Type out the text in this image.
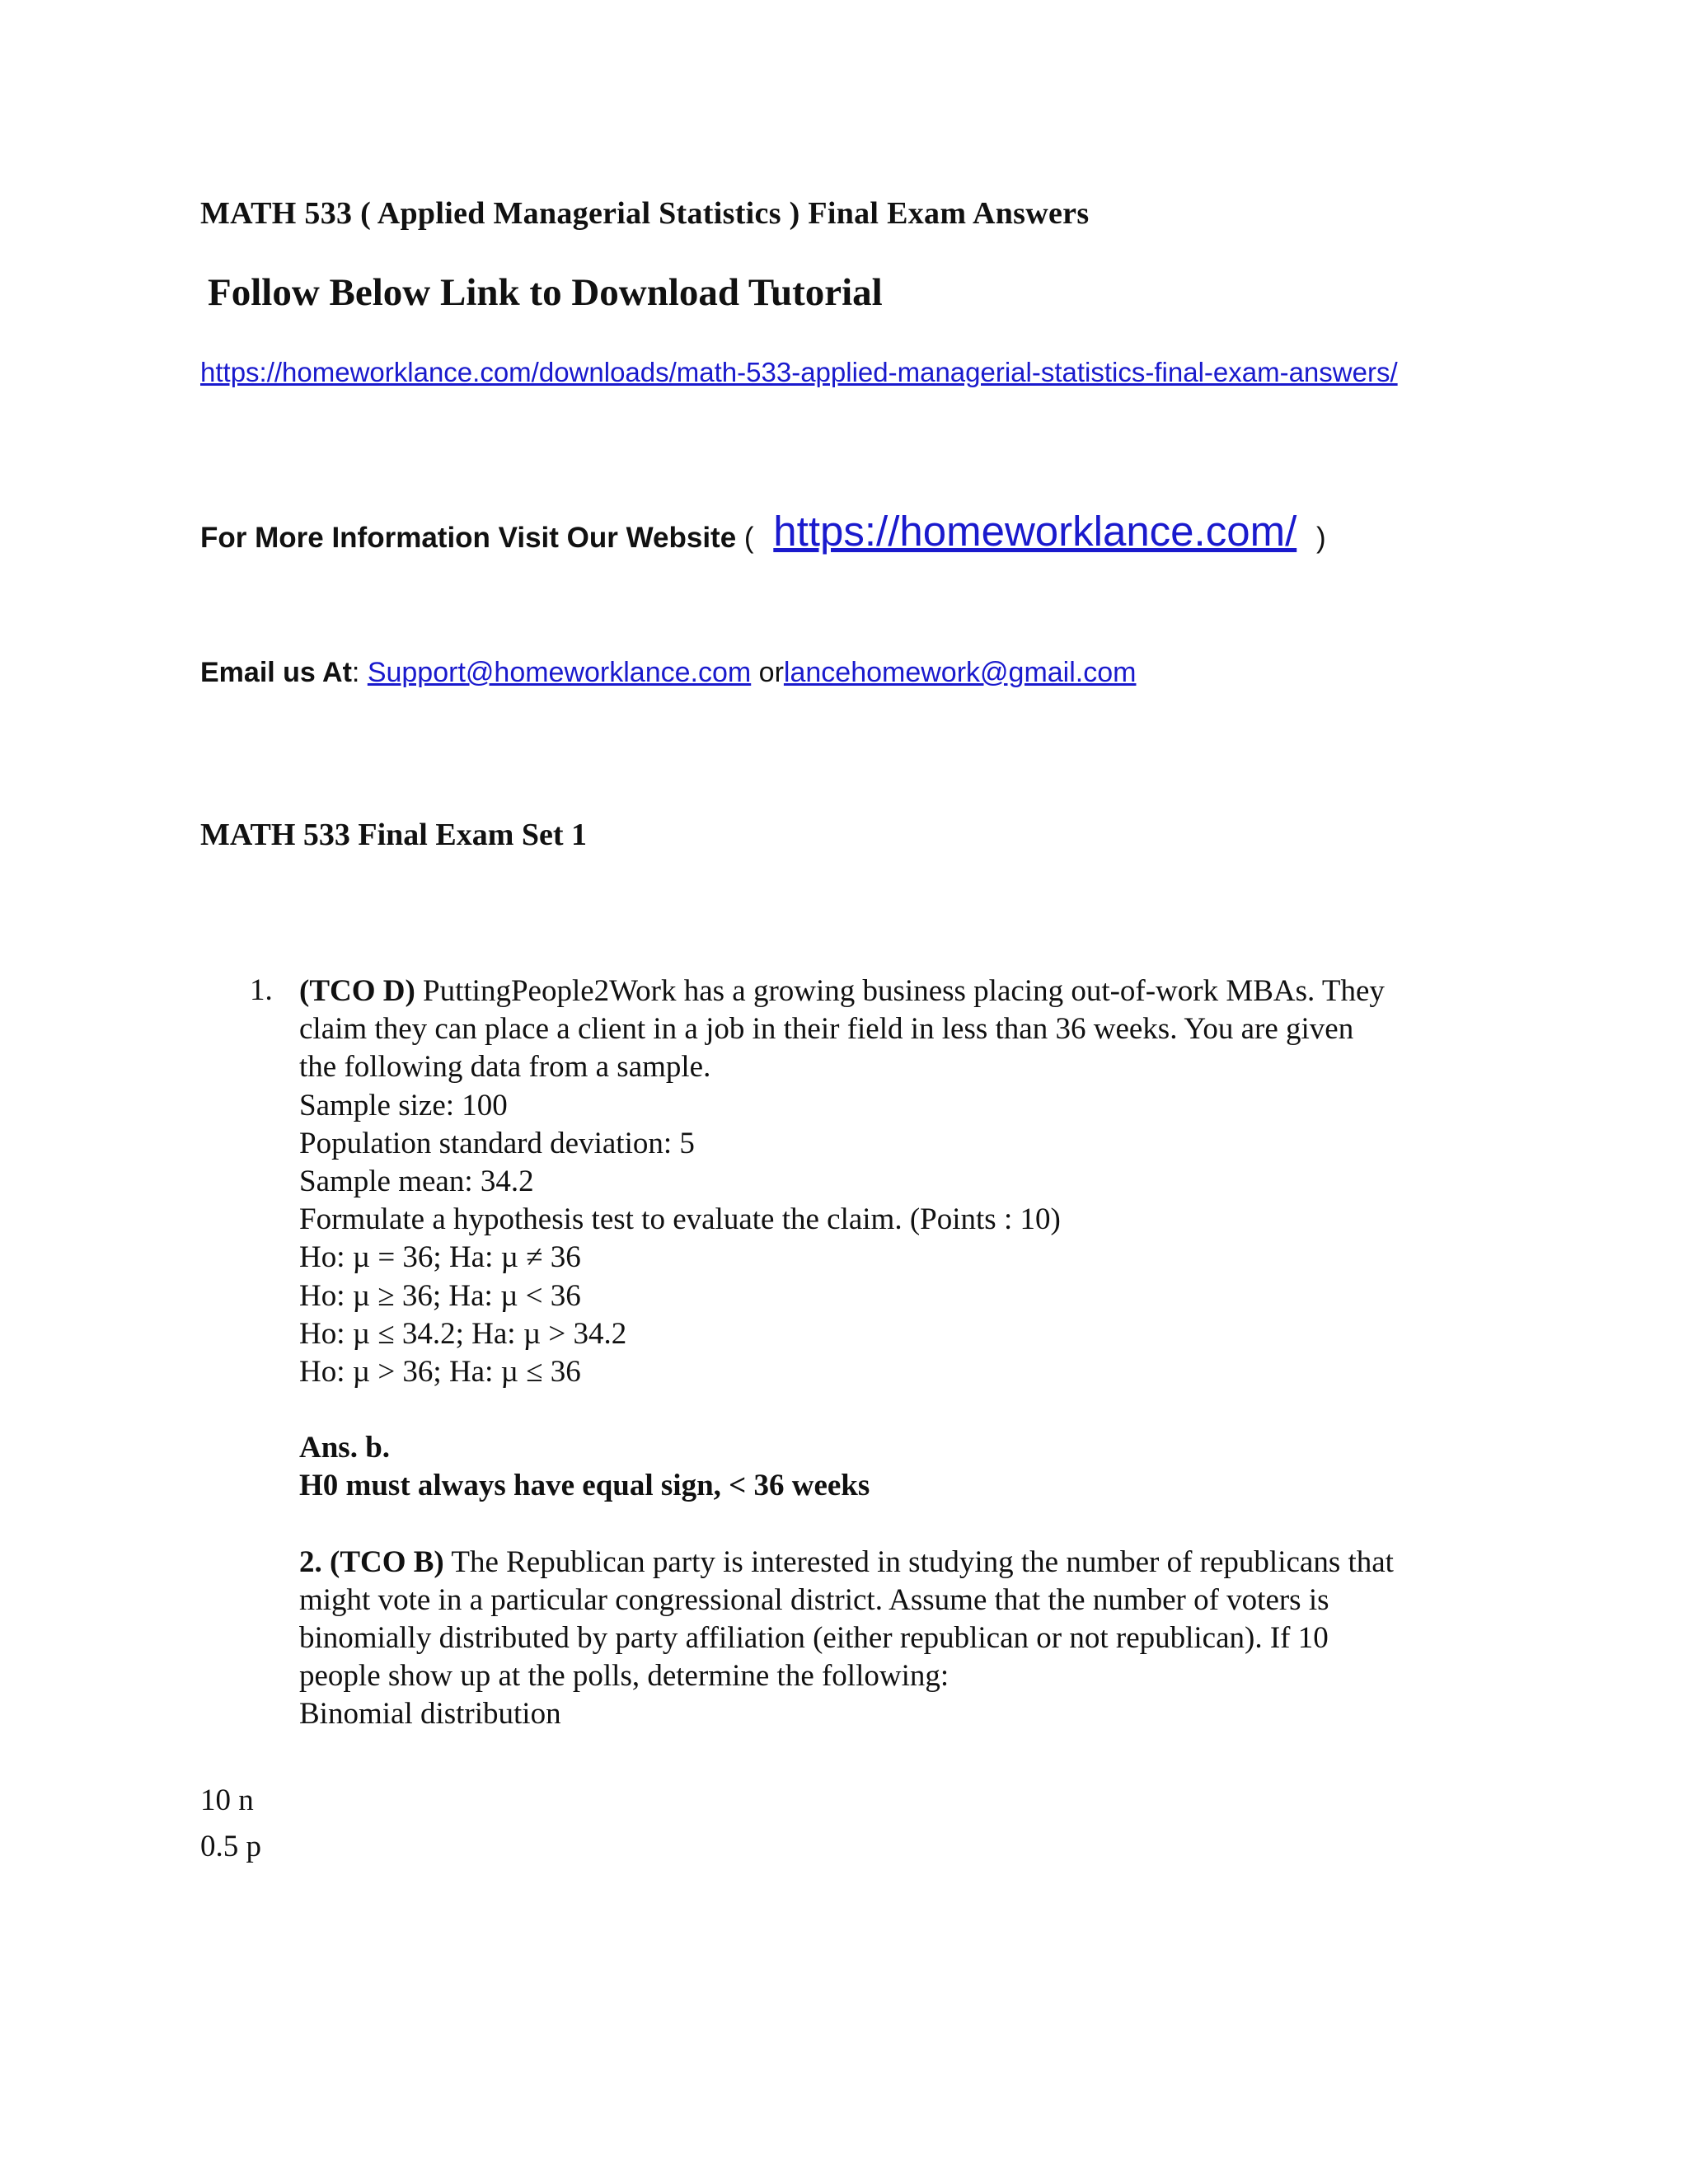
MATH 533 ( Applied Managerial Statistics ) Final Exam Answers
Follow Below Link to Download Tutorial
https://homeworklance.com/downloads/math-533-applied-managerial-statistics-final-exam-answers/
For More Information Visit Our Website ( https://homeworklance.com/ )
Email us At: Support@homeworklance.com orlancehomework@gmail.com
MATH 533 Final Exam Set 1
1. (TCO D) PuttingPeople2Work has a growing business placing out-of-work MBAs. They
claim they can place a client in a job in their field in less than 36 weeks. You are given
the following data from a sample.
Sample size: 100
Population standard deviation: 5
Sample mean: 34.2
Formulate a hypothesis test to evaluate the claim. (Points : 10)
Ho: µ = 36; Ha: µ ≠ 36
Ho: µ ≥ 36; Ha: µ < 36
Ho: µ ≤ 34.2; Ha: µ > 34.2
Ho: µ > 36; Ha: µ ≤ 36
Ans. b.
H0 must always have equal sign, < 36 weeks
2. (TCO B) The Republican party is interested in studying the number of republicans that
might vote in a particular congressional district. Assume that the number of voters is
binomially distributed by party affiliation (either republican or not republican). If 10
people show up at the polls, determine the following:
Binomial distribution
10 n
0.5 p
